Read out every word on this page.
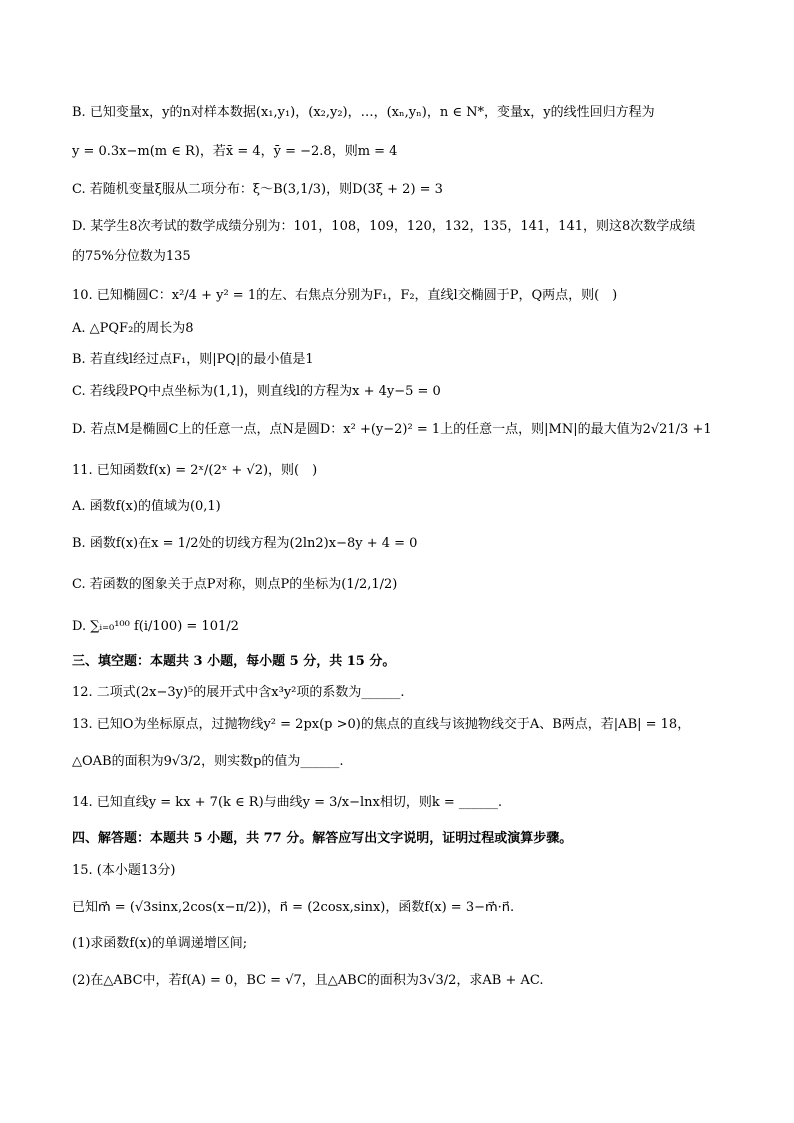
B. 已知变量x，y的n对样本数据(x₁,y₁)，(x₂,y₂)，…，(xₙ,yₙ)，n ∈ N*，变量x，y的线性回归方程为
y = 0.3x−m(m ∈ R)，若x̄ = 4，ȳ = −2.8，则m = 4
C. 若随机变量ξ服从二项分布：ξ～B(3,1/3)，则D(3ξ + 2) = 3
D. 某学生8次考试的数学成绩分别为：101，108，109，120，132，135，141，141，则这8次数学成绩
的75%分位数为135
10. 已知椭圆C：x²/4 + y² = 1的左、右焦点分别为F₁，F₂，直线l交椭圆于P，Q两点，则(　)
A. △PQF₂的周长为8
B. 若直线l经过点F₁，则|PQ|的最小值是1
C. 若线段PQ中点坐标为(1,1)，则直线l的方程为x + 4y−5 = 0
D. 若点M是椭圆C上的任意一点，点N是圆D：x² +(y−2)² = 1上的任意一点，则|MN|的最大值为2√21/3 +1
11. 已知函数f(x) = 2ˣ/(2ˣ + √2)，则(　)
A. 函数f(x)的值域为(0,1)
B. 函数f(x)在x = 1/2处的切线方程为(2ln2)x−8y + 4 = 0
C. 若函数的图象关于点P对称，则点P的坐标为(1/2,1/2)
D. ∑ᵢ₌₀¹⁰⁰ f(i/100) = 101/2
三、填空题：本题共 3 小题，每小题 5 分，共 15 分。
12. 二项式(2x−3y)⁵的展开式中含x³y²项的系数为______.
13. 已知O为坐标原点，过抛物线y² = 2px(p >0)的焦点的直线与该抛物线交于A、B两点，若|AB| = 18，
△OAB的面积为9√3/2，则实数p的值为______.
14. 已知直线y = kx + 7(k ∈ R)与曲线y = 3/x−lnx相切，则k = ______.
四、解答题：本题共 5 小题，共 77 分。解答应写出文字说明，证明过程或演算步骤。
15. (本小题13分)
已知m⃗ = (√3sinx,2cos(x−π/2))，n⃗ = (2cosx,sinx)，函数f(x) = 3−m⃗·n⃗.
(1)求函数f(x)的单调递增区间;
(2)在△ABC中，若f(A) = 0，BC = √7，且△ABC的面积为3√3/2，求AB + AC.
